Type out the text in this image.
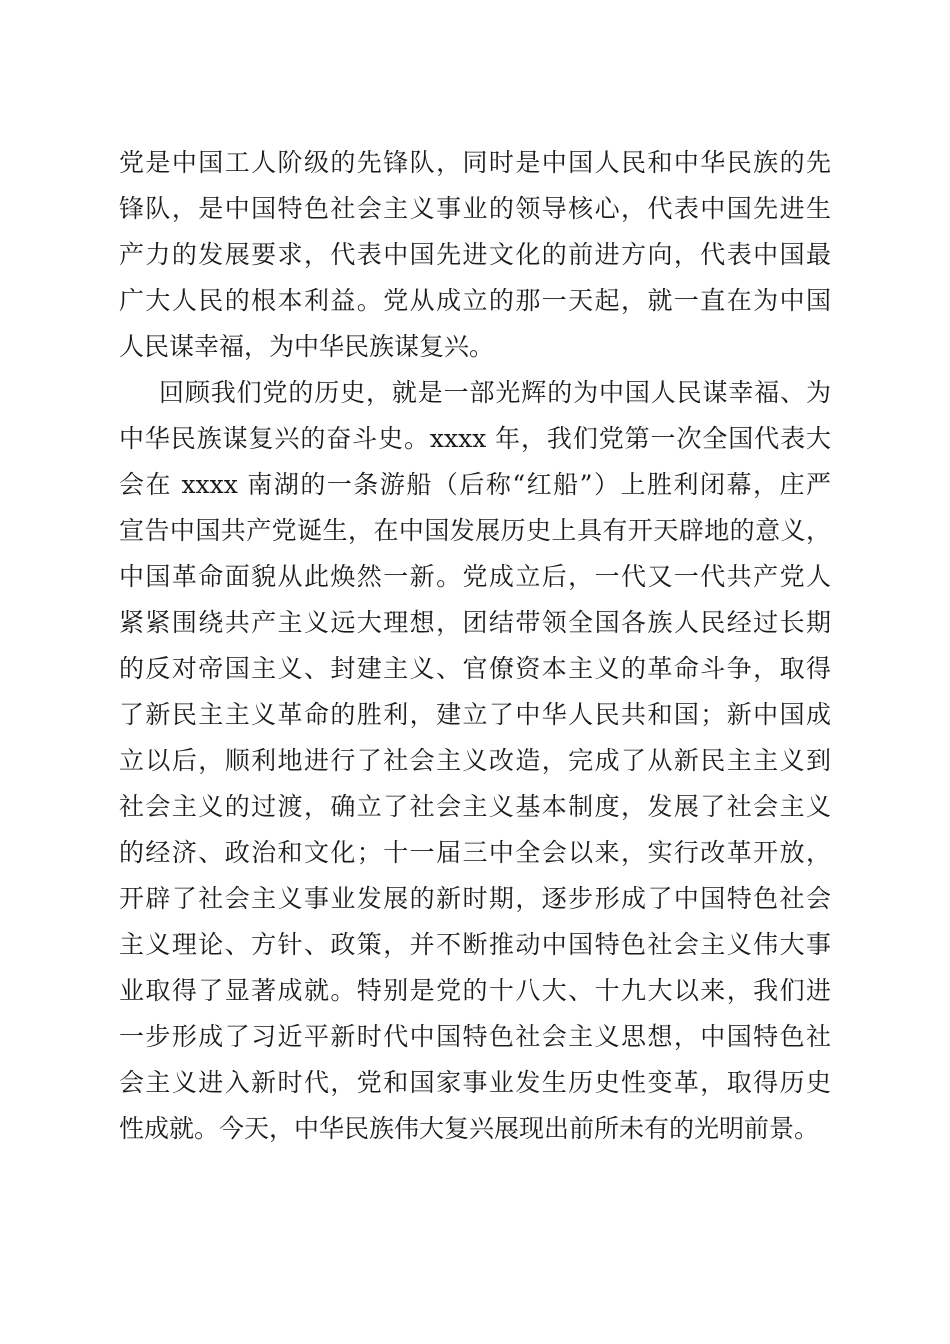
党是中国工人阶级的先锋队，同时是中国人民和中华民族的先
锋队，是中国特色社会主义事业的领导核心，代表中国先进生
产力的发展要求，代表中国先进文化的前进方向，代表中国最
广大人民的根本利益。党从成立的那一天起，就一直在为中国
人民谋幸福，为中华民族谋复兴。
回顾我们党的历史，就是一部光辉的为中国人民谋幸福、为
中华民族谋复兴的奋斗史。xxxx 年，我们党第一次全国代表大
会在 xxxx 南湖的一条游船（后称“红船”）上胜利闭幕，庄严
宣告中国共产党诞生，在中国发展历史上具有开天辟地的意义，
中国革命面貌从此焕然一新。党成立后，一代又一代共产党人
紧紧围绕共产主义远大理想，团结带领全国各族人民经过长期
的反对帝国主义、封建主义、官僚资本主义的革命斗争，取得
了新民主主义革命的胜利，建立了中华人民共和国；新中国成
立以后，顺利地进行了社会主义改造，完成了从新民主主义到
社会主义的过渡，确立了社会主义基本制度，发展了社会主义
的经济、政治和文化；十一届三中全会以来，实行改革开放，
开辟了社会主义事业发展的新时期，逐步形成了中国特色社会
主义理论、方针、政策，并不断推动中国特色社会主义伟大事
业取得了显著成就。特别是党的十八大、十九大以来，我们进
一步形成了习近平新时代中国特色社会主义思想，中国特色社
会主义进入新时代，党和国家事业发生历史性变革，取得历史
性成就。今天，中华民族伟大复兴展现出前所未有的光明前景。
